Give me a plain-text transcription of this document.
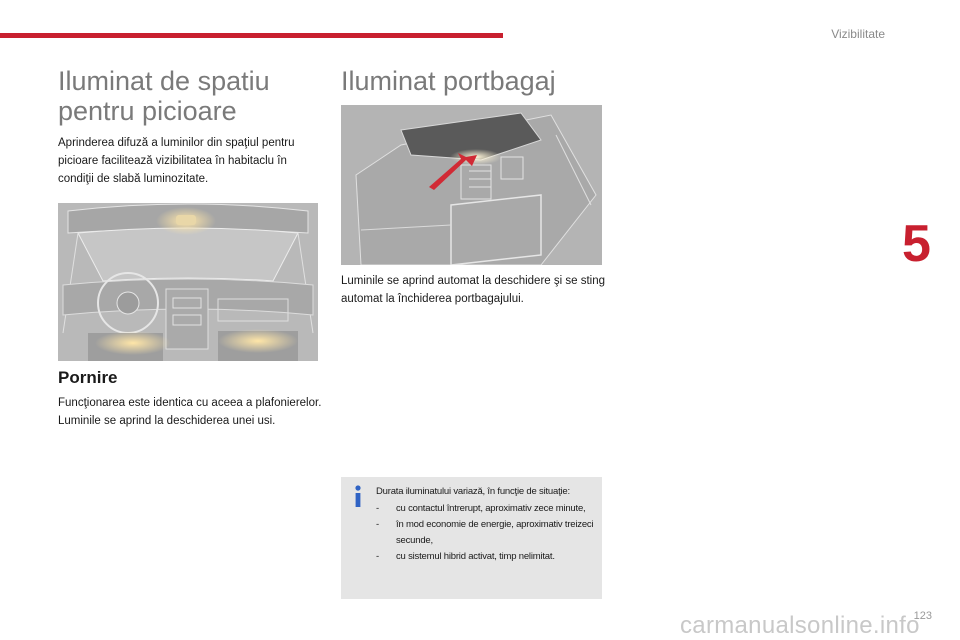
Vizibilitate
5
Iluminat de spatiu pentru picioare

Aprinderea difuză a luminilor din spaţiul pentru picioare facilitează vizibilitatea în habitaclu în condiţii de slabă luminozitate.

Pornire

Funcţionarea este identica cu aceea a plafonierelor. Luminile se aprind la deschiderea unei usi.

Iluminat portbagaj

Luminile se aprind automat la deschidere şi se sting automat la închiderea portbagajului.

Durata iluminatului variază, în funcţie de situaţie:

- cu contactul întrerupt, aproximativ zece minute,
- în mod economie de energie, aproximativ treizeci secunde,
- cu sistemul hibrid activat, timp nelimitat.
123
carmanualsonline.info
